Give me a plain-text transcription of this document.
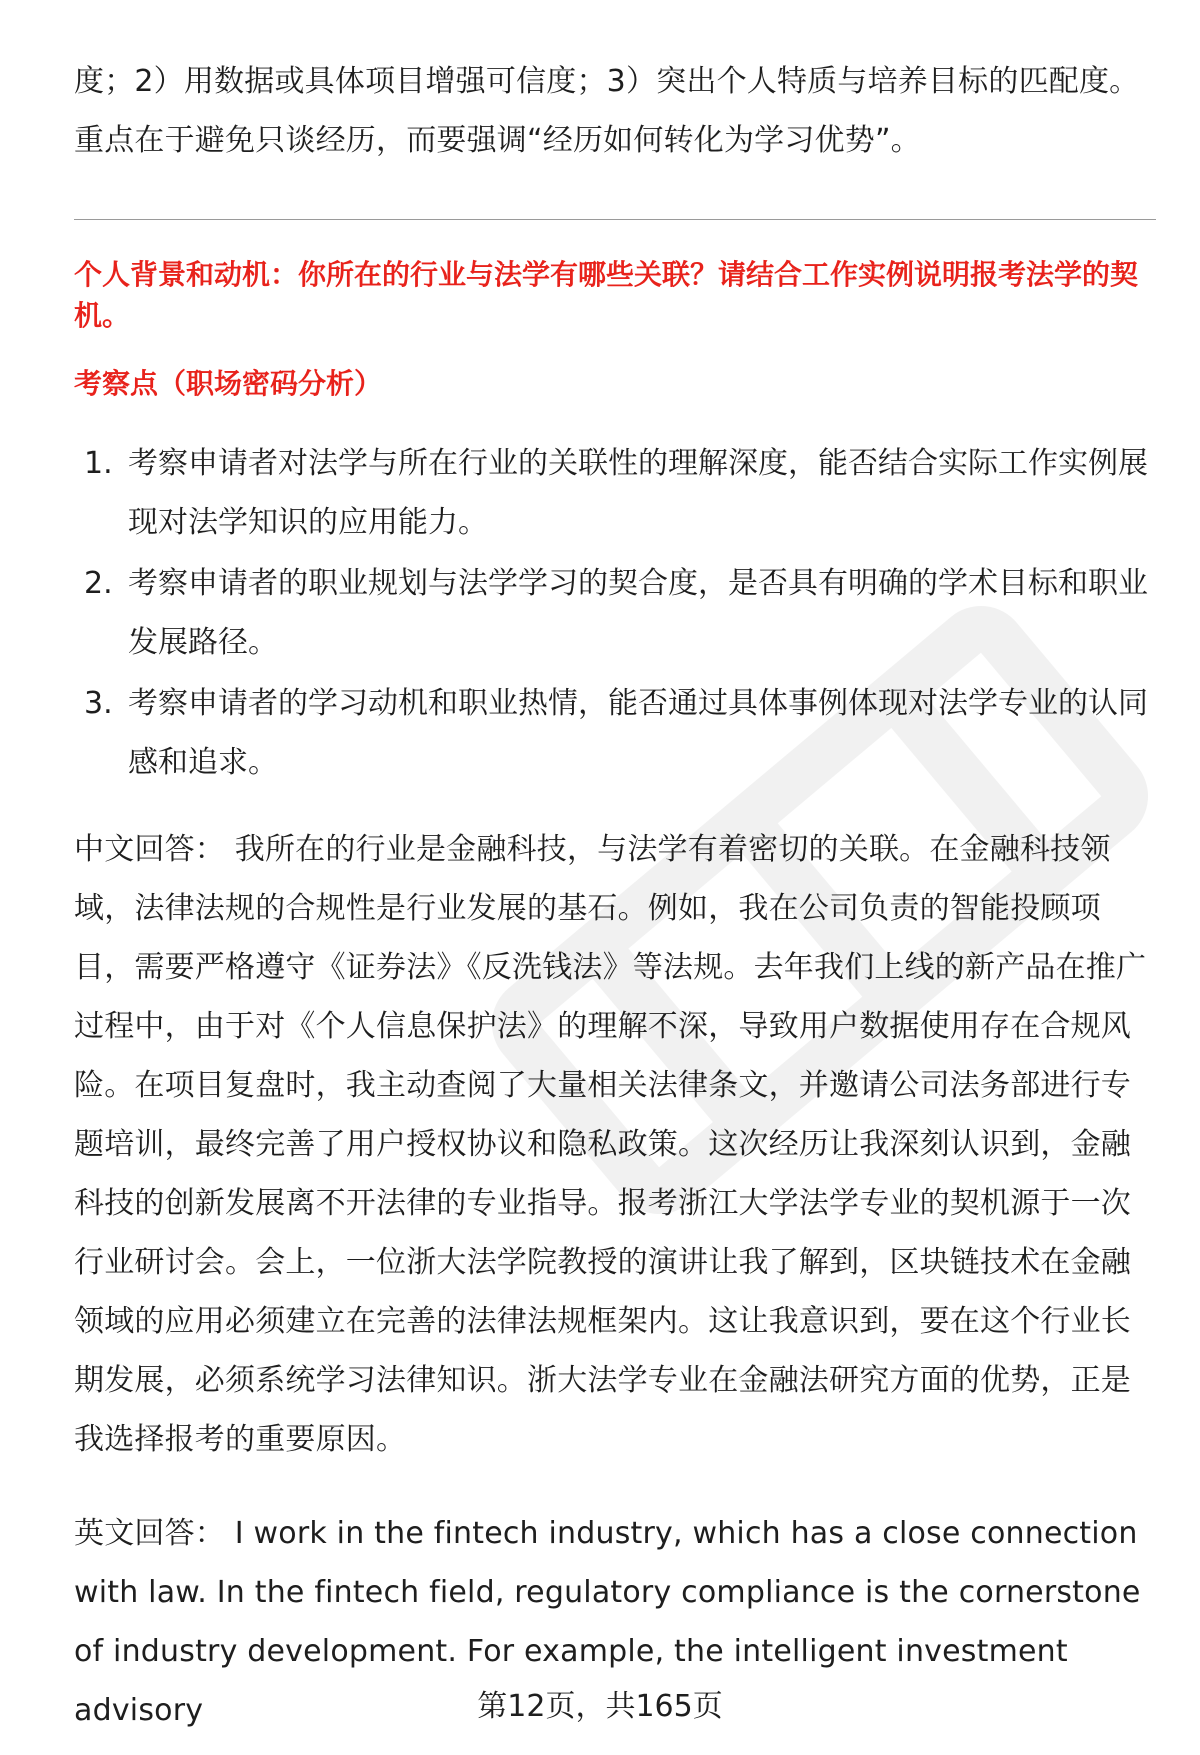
度；2）用数据或具体项目增强可信度；3）突出个人特质与培养目标的匹配度。重点在于避免只谈经历，而要强调“经历如何转化为学习优势”。

个人背景和动机：你所在的行业与法学有哪些关联？请结合工作实例说明报考法学的契机。

考察点（职场密码分析）

1. 考察申请者对法学与所在行业的关联性的理解深度，能否结合实际工作实例展现对法学知识的应用能力。
2. 考察申请者的职业规划与法学学习的契合度，是否具有明确的学术目标和职业发展路径。
3. 考察申请者的学习动机和职业热情，能否通过具体事例体现对法学专业的认同感和追求。

中文回答： 我所在的行业是金融科技，与法学有着密切的关联。在金融科技领域，法律法规的合规性是行业发展的基石。例如，我在公司负责的智能投顾项目，需要严格遵守《证券法》《反洗钱法》等法规。去年我们上线的新产品在推广过程中，由于对《个人信息保护法》的理解不深，导致用户数据使用存在合规风险。在项目复盘时，我主动查阅了大量相关法律条文，并邀请公司法务部进行专题培训，最终完善了用户授权协议和隐私政策。这次经历让我深刻认识到，金融科技的创新发展离不开法律的专业指导。报考浙江大学法学专业的契机源于一次行业研讨会。会上，一位浙大法学院教授的演讲让我了解到，区块链技术在金融领域的应用必须建立在完善的法律法规框架内。这让我意识到，要在这个行业长期发展，必须系统学习法律知识。浙大法学专业在金融法研究方面的优势，正是我选择报考的重要原因。

英文回答： I work in the fintech industry, which has a close connection with law. In the fintech field, regulatory compliance is the cornerstone of industry development. For example, the intelligent investment advisory	第12页，共165页
